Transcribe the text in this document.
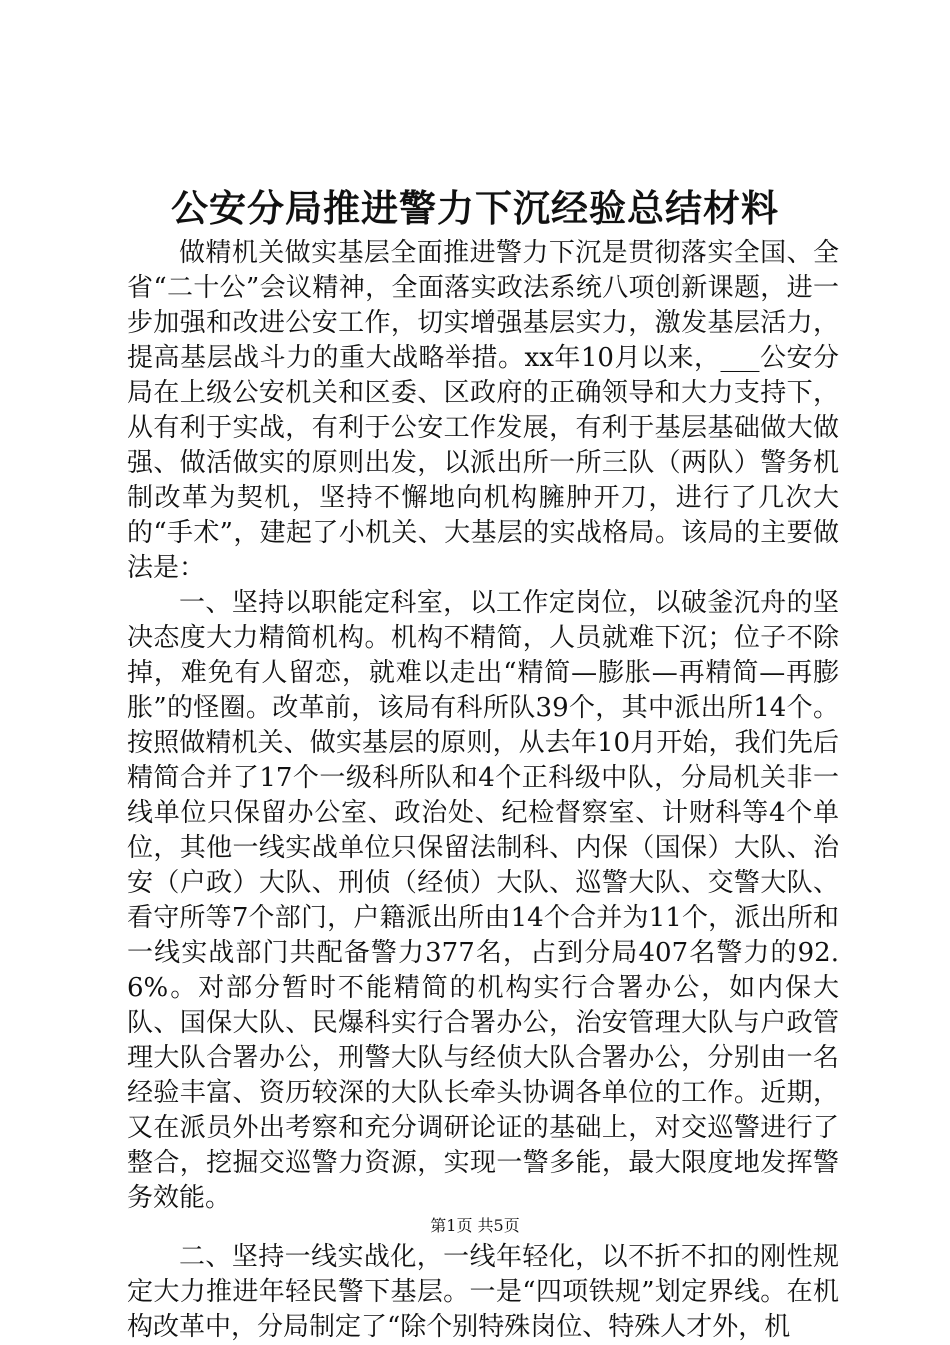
公安分局推进警力下沉经验总结材料

做精机关做实基层全面推进警力下沉是贯彻落实全国、全省“二十公”会议精神，全面落实政法系统八项创新课题，进一步加强和改进公安工作，切实增强基层实力，激发基层活力，提高基层战斗力的重大战略举措。xx年10月以来，___公安分局在上级公安机关和区委、区政府的正确领导和大力支持下，从有利于实战，有利于公安工作发展，有利于基层基础做大做强、做活做实的原则出发，以派出所一所三队（两队）警务机制改革为契机，坚持不懈地向机构臃肿开刀，进行了几次大的“手术”，建起了小机关、大基层的实战格局。该局的主要做法是：

一、坚持以职能定科室，以工作定岗位，以破釜沉舟的坚决态度大力精简机构。机构不精简，人员就难下沉；位子不除掉，难免有人留恋，就难以走出“精简—膨胀—再精简—再膨胀”的怪圈。改革前，该局有科所队39个，其中派出所14个。按照做精机关、做实基层的原则，从去年10月开始，我们先后精简合并了17个一级科所队和4个正科级中队，分局机关非一线单位只保留办公室、政治处、纪检督察室、计财科等4个单位，其他一线实战单位只保留法制科、内保（国保）大队、治安（户政）大队、刑侦（经侦）大队、巡警大队、交警大队、看守所等7个部门，户籍派出所由14个合并为11个，派出所和一线实战部门共配备警力377名，占到分局407名警力的92.6%。对部分暂时不能精简的机构实行合署办公，如内保大队、国保大队、民爆科实行合署办公，治安管理大队与户政管理大队合署办公，刑警大队与经侦大队合署办公，分别由一名经验丰富、资历较深的大队长牵头协调各单位的工作。近期，又在派员外出考察和充分调研论证的基础上，对交巡警进行了整合，挖掘交巡警力资源，实现一警多能，最大限度地发挥警务效能。

二、坚持一线实战化，一线年轻化，以不折不扣的刚性规定大力推进年轻民警下基层。一是“四项铁规”划定界线。在机构改革中，分局制定了“除个别特殊岗位、特殊人才外，机

第1页 共5页
